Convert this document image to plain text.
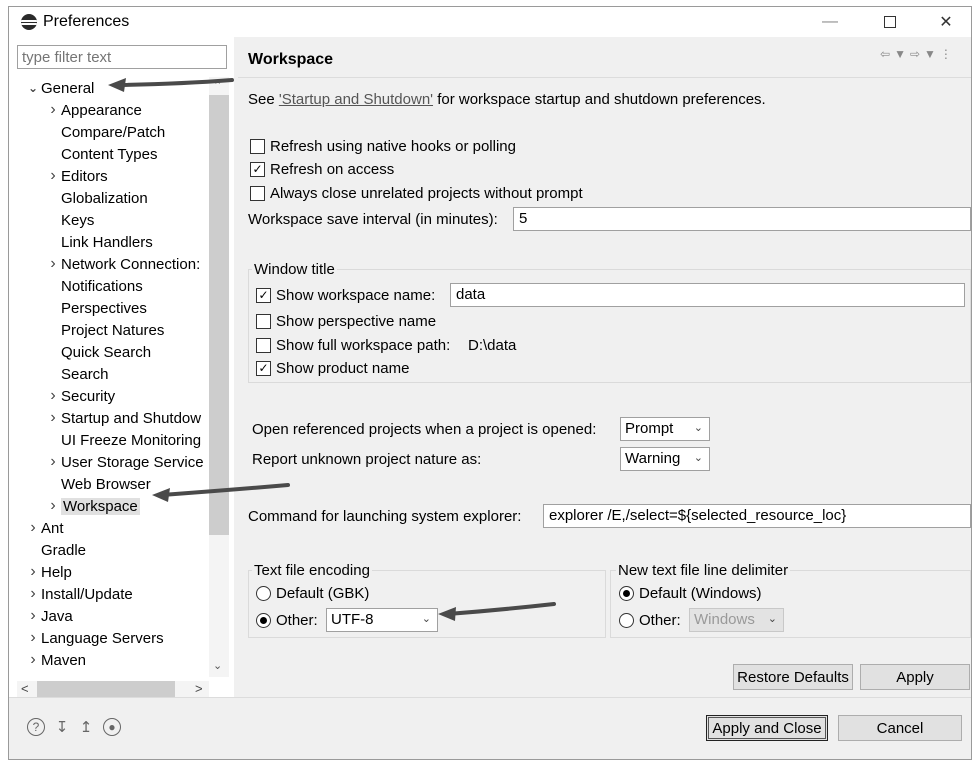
Preferences	—	✕
type filter text
⌄ General
› Appearance
Compare/Patch
Content Types
› Editors
Globalization
Keys
Link Handlers
› Network Connection:
Notifications
Perspectives
Project Natures
Quick Search
Search
› Security
› Startup and Shutdow
UI Freeze Monitoring
› User Storage Service
Web Browser
› Workspace
› Ant
Gradle
› Help
› Install/Update
› Java
› Language Servers
› Maven
⌃
⌄
<	>
Workspace	⇦▼⇨▼⋮
See 'Startup and Shutdown' for workspace startup and shutdown preferences.
Refresh using native hooks or polling
✓ Refresh on access
Always close unrelated projects without prompt
Workspace save interval (in minutes):	5
Window title
✓ Show workspace name:	data
Show perspective name
Show full workspace path: D:\data
✓ Show product name
Open referenced projects when a project is opened:	Prompt ⌄
Report unknown project nature as:	Warning ⌄
Command for launching system explorer:	explorer /E,/select=${selected_resource_loc}
Text file encoding
Default (GBK)
Other: UTF-8	⌄
New text file line delimiter
Default (Windows)
Other: Windows ⌄
Restore Defaults	Apply
?	↧ ↥	●	Apply and Close	Cancel
